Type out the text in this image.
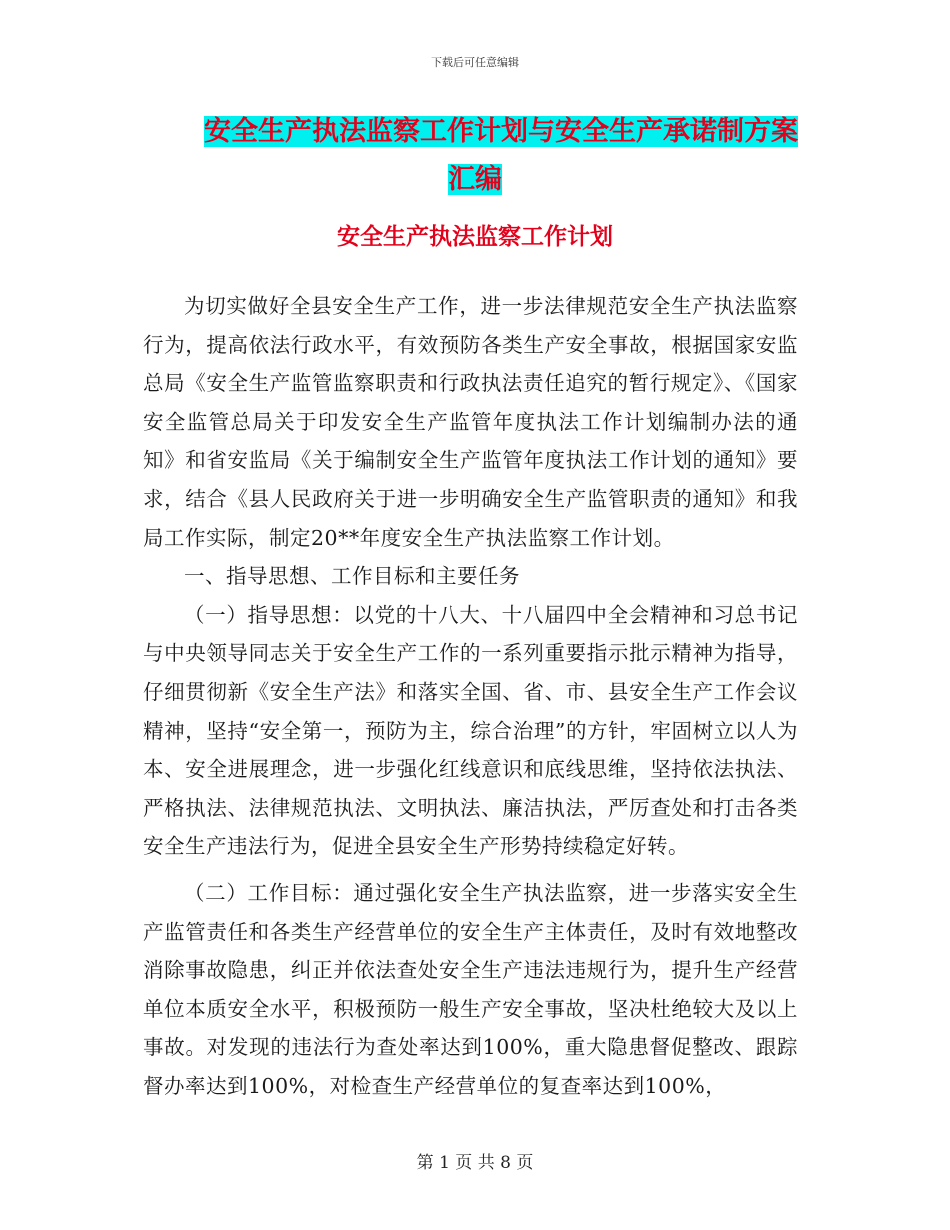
下载后可任意编辑
安全生产执法监察工作计划与安全生产承诺制方案汇编
安全生产执法监察工作计划

为切实做好全县安全生产工作，进一步法律规范安全生产执法监察行为，提高依法行政水平，有效预防各类生产安全事故，根据国家安监总局《安全生产监管监察职责和行政执法责任追究的暂行规定》、《国家安全监管总局关于印发安全生产监管年度执法工作计划编制办法的通知》和省安监局《关于编制安全生产监管年度执法工作计划的通知》要求，结合《县人民政府关于进一步明确安全生产监管职责的通知》和我局工作实际，制定20**年度安全生产执法监察工作计划。

一、指导思想、工作目标和主要任务

（一）指导思想：以党的十八大、十八届四中全会精神和习总书记与中央领导同志关于安全生产工作的一系列重要指示批示精神为指导，仔细贯彻新《安全生产法》和落实全国、省、市、县安全生产工作会议精神，坚持“安全第一，预防为主，综合治理”的方针，牢固树立以人为本、安全进展理念，进一步强化红线意识和底线思维，坚持依法执法、严格执法、法律规范执法、文明执法、廉洁执法，严厉查处和打击各类安全生产违法行为，促进全县安全生产形势持续稳定好转。

（二）工作目标：通过强化安全生产执法监察，进一步落实安全生产监管责任和各类生产经营单位的安全生产主体责任，及时有效地整改消除事故隐患，纠正并依法查处安全生产违法违规行为，提升生产经营单位本质安全水平，积极预防一般生产安全事故，坚决杜绝较大及以上事故。对发现的违法行为查处率达到100%，重大隐患督促整改、跟踪督办率达到100%，对检查生产经营单位的复查率达到100%，

第 1 页 共 8 页
